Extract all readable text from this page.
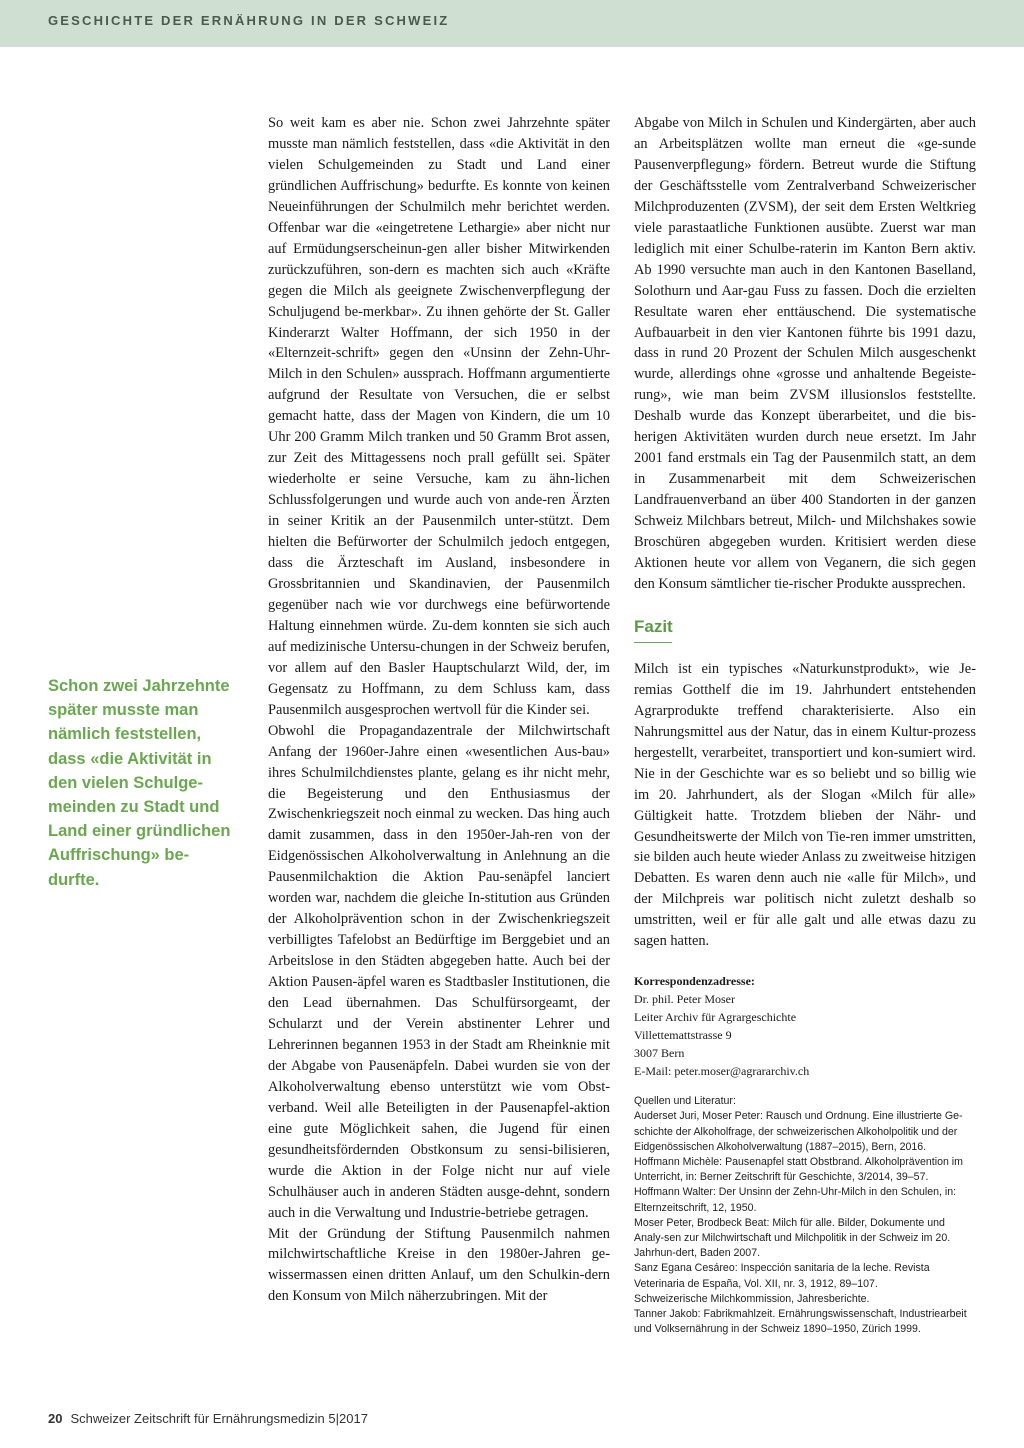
GESCHICHTE DER ERNÄHRUNG IN DER SCHWEIZ
Schon zwei Jahrzehnte später musste man nämlich feststellen, dass «die Aktivität in den vielen Schulge-meinden zu Stadt und Land einer gründlichen Auffrischung» be-durfte.

So weit kam es aber nie. Schon zwei Jahrzehnte später musste man nämlich feststellen, dass «die Aktivität in den vielen Schulgemeinden zu Stadt und Land einer gründlichen Auffrischung» bedurfte. Es konnte von keinen Neueinführungen der Schulmilch mehr berichtet werden. Offenbar war die «eingetretene Lethargie» aber nicht nur auf Ermüdungserscheinun-gen aller bisher Mitwirkenden zurückzuführen, son-dern es machten sich auch «Kräfte gegen die Milch als geeignete Zwischenverpflegung der Schuljugend be-merkbar». Zu ihnen gehörte der St. Galler Kinderarzt Walter Hoffmann, der sich 1950 in der «Elternzeit-schrift» gegen den «Unsinn der Zehn-Uhr-Milch in den Schulen» aussprach. Hoffmann argumentierte aufgrund der Resultate von Versuchen, die er selbst gemacht hatte, dass der Magen von Kindern, die um 10 Uhr 200 Gramm Milch tranken und 50 Gramm Brot assen, zur Zeit des Mittagessens noch prall gefüllt sei. Später wiederholte er seine Versuche, kam zu ähn-lichen Schlussfolgerungen und wurde auch von ande-ren Ärzten in seiner Kritik an der Pausenmilch unter-stützt. Dem hielten die Befürworter der Schulmilch jedoch entgegen, dass die Ärzteschaft im Ausland, insbesondere in Grossbritannien und Skandinavien, der Pausenmilch gegenüber nach wie vor durchwegs eine befürwortende Haltung einnehmen würde. Zu-dem konnten sie sich auch auf medizinische Untersu-chungen in der Schweiz berufen, vor allem auf den Basler Hauptschularzt Wild, der, im Gegensatz zu Hoffmann, zu dem Schluss kam, dass Pausenmilch ausgesprochen wertvoll für die Kinder sei.

Obwohl die Propagandazentrale der Milchwirtschaft Anfang der 1960er-Jahre einen «wesentlichen Aus-bau» ihres Schulmilchdienstes plante, gelang es ihr nicht mehr, die Begeisterung und den Enthusiasmus der Zwischenkriegszeit noch einmal zu wecken. Das hing auch damit zusammen, dass in den 1950er-Jah-ren von der Eidgenössischen Alkoholverwaltung in Anlehnung an die Pausenmilchaktion die Aktion Pau-senäpfel lanciert worden war, nachdem die gleiche In-stitution aus Gründen der Alkoholprävention schon in der Zwischenkriegszeit verbilligtes Tafelobst an Bedürftige im Berggebiet und an Arbeitslose in den Städten abgegeben hatte. Auch bei der Aktion Pausen-äpfel waren es Stadtbasler Institutionen, die den Lead übernahmen. Das Schulfürsorgeamt, der Schularzt und der Verein abstinenter Lehrer und Lehrerinnen begannen 1953 in der Stadt am Rheinknie mit der Abgabe von Pausenäpfeln. Dabei wurden sie von der Alkoholverwaltung ebenso unterstützt wie vom Obst-verband. Weil alle Beteiligten in der Pausenapfel-aktion eine gute Möglichkeit sahen, die Jugend für einen gesundheitsfördernden Obstkonsum zu sensi-bilisieren, wurde die Aktion in der Folge nicht nur auf viele Schulhäuser auch in anderen Städten ausge-dehnt, sondern auch in die Verwaltung und Industrie-betriebe getragen.

Mit der Gründung der Stiftung Pausenmilch nahmen milchwirtschaftliche Kreise in den 1980er-Jahren ge-wissermassen einen dritten Anlauf, um den Schulkin-dern den Konsum von Milch näherzubringen. Mit der

Abgabe von Milch in Schulen und Kindergärten, aber auch an Arbeitsplätzen wollte man erneut die «ge-sunde Pausenverpflegung» fördern. Betreut wurde die Stiftung der Geschäftsstelle vom Zentralverband Schweizerischer Milchproduzenten (ZVSM), der seit dem Ersten Weltkrieg viele parastaatliche Funktionen ausübte. Zuerst war man lediglich mit einer Schulbe-raterin im Kanton Bern aktiv. Ab 1990 versuchte man auch in den Kantonen Baselland, Solothurn und Aar-gau Fuss zu fassen. Doch die erzielten Resultate waren eher enttäuschend. Die systematische Aufbauarbeit in den vier Kantonen führte bis 1991 dazu, dass in rund 20 Prozent der Schulen Milch ausgeschenkt wurde, allerdings ohne «grosse und anhaltende Begeiste-rung», wie man beim ZVSM illusionslos feststellte. Deshalb wurde das Konzept überarbeitet, und die bis-herigen Aktivitäten wurden durch neue ersetzt. Im Jahr 2001 fand erstmals ein Tag der Pausenmilch statt, an dem in Zusammenarbeit mit dem Schweizerischen Landfrauenverband an über 400 Standorten in der ganzen Schweiz Milchbars betreut, Milch- und Milchshakes sowie Broschüren abgegeben wurden. Kritisiert werden diese Aktionen heute vor allem von Veganern, die sich gegen den Konsum sämtlicher tie-rischer Produkte aussprechen.

Fazit

Milch ist ein typisches «Naturkunstprodukt», wie Je-remias Gotthelf die im 19. Jahrhundert entstehenden Agrarprodukte treffend charakterisierte. Also ein Nahrungsmittel aus der Natur, das in einem Kultur-prozess hergestellt, verarbeitet, transportiert und kon-sumiert wird. Nie in der Geschichte war es so beliebt und so billig wie im 20. Jahrhundert, als der Slogan «Milch für alle» Gültigkeit hatte. Trotzdem blieben der Nähr- und Gesundheitswerte der Milch von Tie-ren immer umstritten, sie bilden auch heute wieder Anlass zu zweitweise hitzigen Debatten. Es waren denn auch nie «alle für Milch», und der Milchpreis war politisch nicht zuletzt deshalb so umstritten, weil er für alle galt und alle etwas dazu zu sagen hatten.

Korrespondenzadresse:
Dr. phil. Peter Moser
Leiter Archiv für Agrargeschichte
Villettemattstrasse 9
3007 Bern
E-Mail: peter.moser@agrararchiv.ch
Quellen und Literatur:

Auderset Juri, Moser Peter: Rausch und Ordnung. Eine illustrierte Ge-schichte der Alkoholfrage, der schweizerischen Alkoholpolitik und der Eidgenössischen Alkoholverwaltung (1887–2015), Bern, 2016.

Hoffmann Michèle: Pausenapfel statt Obstbrand. Alkoholprävention im Unterricht, in: Berner Zeitschrift für Geschichte, 3/2014, 39–57.

Hoffmann Walter: Der Unsinn der Zehn-Uhr-Milch in den Schulen, in: Elternzeitschrift, 12, 1950.

Moser Peter, Brodbeck Beat: Milch für alle. Bilder, Dokumente und Analy-sen zur Milchwirtschaft und Milchpolitik in der Schweiz im 20. Jahrhun-dert, Baden 2007.

Sanz Egana Cesáreo: Inspección sanitaria de la leche. Revista Veterinaria de España, Vol. XII, nr. 3, 1912, 89–107.

Schweizerische Milchkommission, Jahresberichte.

Tanner Jakob: Fabrikmahlzeit. Ernährungswissenschaft, Industriearbeit und Volksernährung in der Schweiz 1890–1950, Zürich 1999.

20 Schweizer Zeitschrift für Ernährungsmedizin 5|2017
